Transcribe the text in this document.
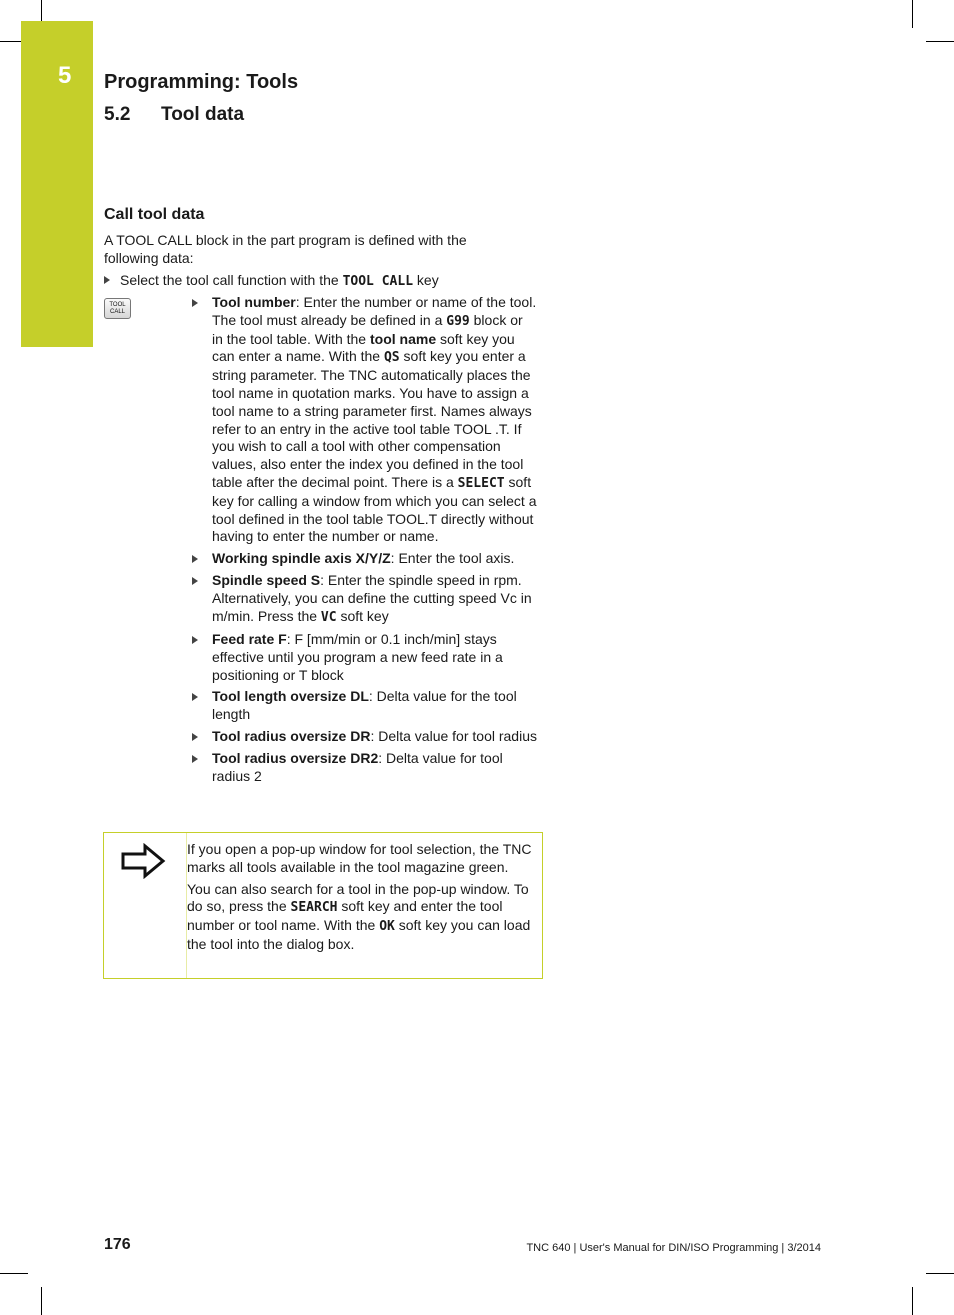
5 Programming: Tools
5.2 Tool data
Call tool data
A TOOL CALL block in the part program is defined with the following data:
Select the tool call function with the TOOL CALL key
TOOL
CALL
Tool number: Enter the number or name of the tool. The tool must already be defined in a G99 block or in the tool table. With the tool name soft key you can enter a name. With the QS soft key you enter a string parameter. The TNC automatically places the tool name in quotation marks. You have to assign a tool name to a string parameter first. Names always refer to an entry in the active tool table TOOL .T. If you wish to call a tool with other compensation values, also enter the index you defined in the tool table after the decimal point. There is a SELECT soft key for calling a window from which you can select a tool defined in the tool table TOOL.T directly without having to enter the number or name.
Working spindle axis X/Y/Z: Enter the tool axis.
Spindle speed S: Enter the spindle speed in rpm. Alternatively, you can define the cutting speed Vc in m/min. Press the VC soft key
Feed rate F: F [mm/min or 0.1 inch/min] stays effective until you program a new feed rate in a positioning or T block
Tool length oversize DL: Delta value for the tool length
Tool radius oversize DR: Delta value for tool radius
Tool radius oversize DR2: Delta value for tool radius 2

If you open a pop-up window for tool selection, the TNC marks all tools available in the tool magazine green.

You can also search for a tool in the pop-up window. To do so, press the SEARCH soft key and enter the tool number or tool name. With the OK soft key you can load the tool into the dialog box.

176	TNC 640 | User's Manual for DIN/ISO Programming | 3/2014
